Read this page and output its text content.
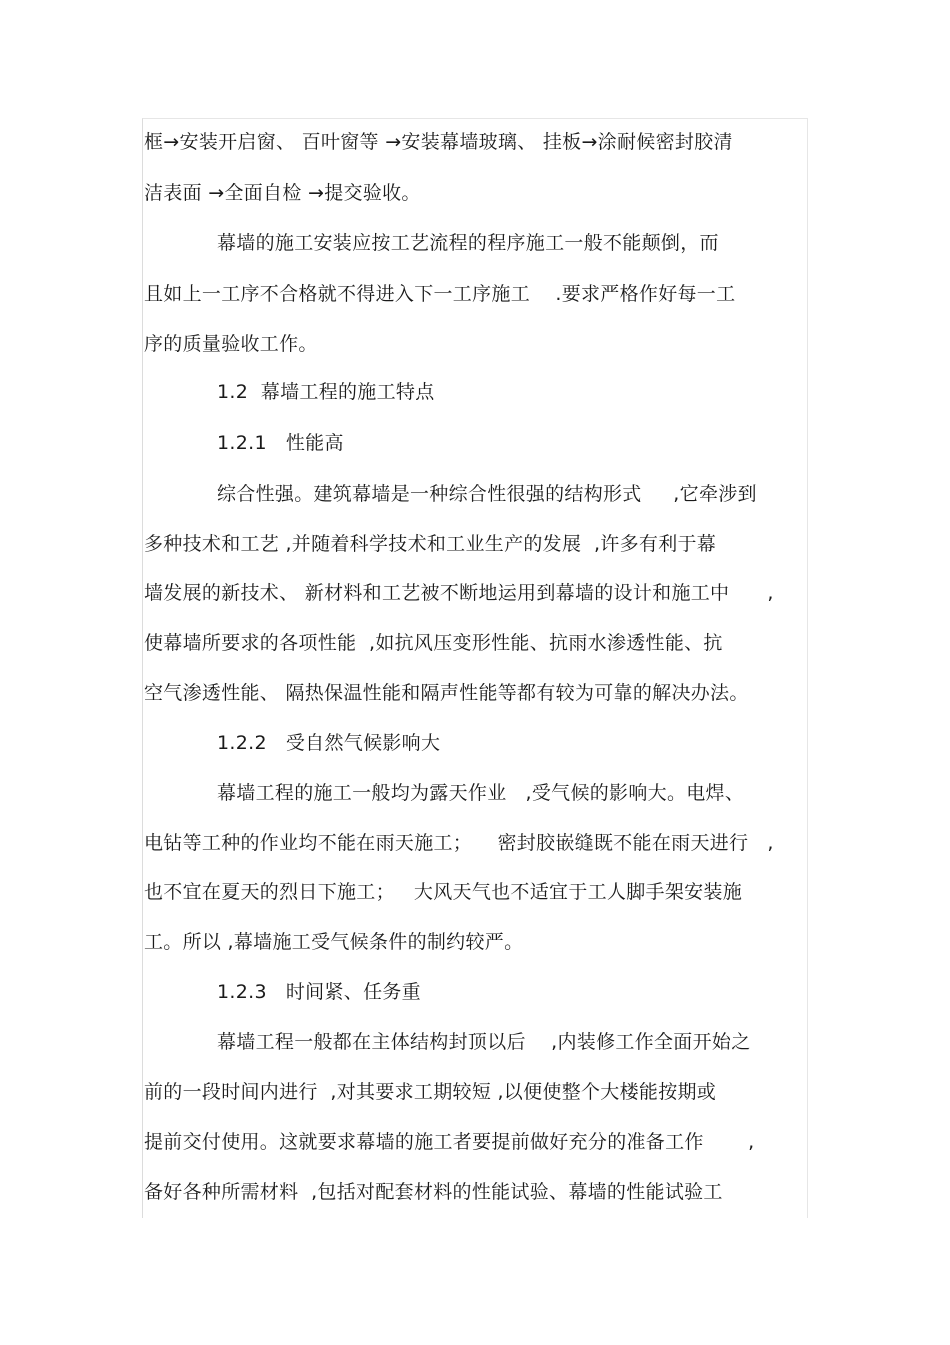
框→安装开启窗、 百叶窗等 →安装幕墙玻璃、 挂板→涂耐候密封胶清
洁表面 →全面自检 →提交验收。
幕墙的施工安装应按工艺流程的程序施工一般不能颠倒，而
且如上一工序不合格就不得进入下一工序施工    .要求严格作好每一工
序的质量验收工作。
1.2  幕墙工程的施工特点
1.2.1   性能高
综合性强。建筑幕墙是一种综合性很强的结构形式     ,它牵涉到
多种技术和工艺 ,并随着科学技术和工业生产的发展  ,许多有利于幕
墙发展的新技术、 新材料和工艺被不断地运用到幕墙的设计和施工中      ,
使幕墙所要求的各项性能  ,如抗风压变形性能、抗雨水渗透性能、抗
空气渗透性能、 隔热保温性能和隔声性能等都有较为可靠的解决办法。
1.2.2   受自然气候影响大
幕墙工程的施工一般均为露天作业   ,受气候的影响大。电焊、
电钻等工种的作业均不能在雨天施工；    密封胶嵌缝既不能在雨天进行   ,
也不宜在夏天的烈日下施工；   大风天气也不适宜于工人脚手架安装施
工。所以 ,幕墙施工受气候条件的制约较严。
1.2.3   时间紧、任务重
幕墙工程一般都在主体结构封顶以后    ,内装修工作全面开始之
前的一段时间内进行  ,对其要求工期较短 ,以便使整个大楼能按期或
提前交付使用。这就要求幕墙的施工者要提前做好充分的准备工作       ,
备好各种所需材料  ,包括对配套材料的性能试验、幕墙的性能试验工
